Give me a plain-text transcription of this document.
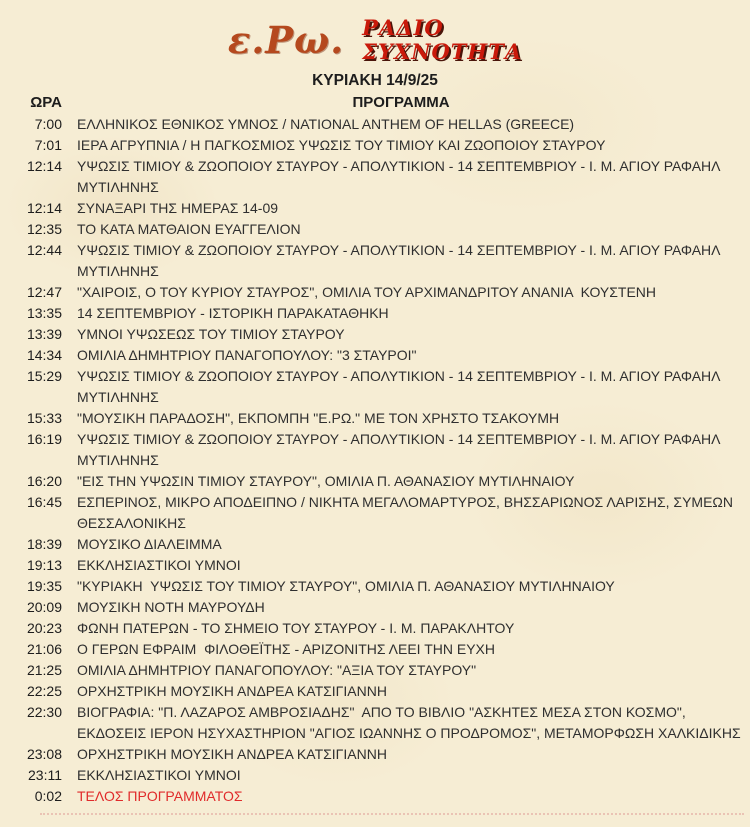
ε.Ρω. ΡΑΔΙΟ
ΣΥΧΝΟΤΗΤΑ
ΚΥΡΙΑΚΗ 14/9/25
ΩΡΑ	ΠΡΟΓΡΑΜΜΑ
7:00 ΕΛΛΗΝΙΚΟΣ ΕΘΝΙΚΟΣ ΥΜΝΟΣ / NATIONAL ANTHEM OF HELLAS (GREECE)
7:01 ΙΕΡΑ ΑΓΡΥΠΝΙΑ / Η ΠΑΓΚΟΣΜΙΟΣ ΥΨΩΣΙΣ ΤΟΥ ΤΙΜΙΟΥ ΚΑΙ ΖΩΟΠΟΙΟΥ ΣΤΑΥΡΟΥ
12:14 ΥΨΩΣΙΣ ΤΙΜΙΟΥ & ΖΩΟΠΟΙΟΥ ΣΤΑΥΡΟΥ - ΑΠΟΛΥΤΙΚΙΟΝ - 14 ΣΕΠΤΕΜΒΡΙΟΥ - Ι. Μ. ΑΓΙΟΥ ΡΑΦΑΗΛ ΜΥΤΙΛΗΝΗΣ
12:14 ΣΥΝΑΞΑΡΙ ΤΗΣ ΗΜΕΡΑΣ 14-09
12:35 ΤΟ ΚΑΤΑ ΜΑΤΘΑΙΟΝ ΕΥΑΓΓΕΛΙΟΝ
12:44 ΥΨΩΣΙΣ ΤΙΜΙΟΥ & ΖΩΟΠΟΙΟΥ ΣΤΑΥΡΟΥ - ΑΠΟΛΥΤΙΚΙΟΝ - 14 ΣΕΠΤΕΜΒΡΙΟΥ - Ι. Μ. ΑΓΙΟΥ ΡΑΦΑΗΛ ΜΥΤΙΛΗΝΗΣ
12:47 "ΧΑΙΡΟΙΣ, Ο ΤΟΥ ΚΥΡΙΟΥ ΣΤΑΥΡΟΣ", ΟΜΙΛΙΑ ΤΟΥ ΑΡΧΙΜΑΝΔΡΙΤΟΥ ΑΝΑΝΙΑ  ΚΟΥΣΤΕΝΗ
13:35 14 ΣΕΠΤΕΜΒΡΙΟΥ - ΙΣΤΟΡΙΚΗ ΠΑΡΑΚΑΤΑΘΗΚΗ
13:39 ΥΜΝΟΙ ΥΨΩΣΕΩΣ ΤΟΥ ΤΙΜΙΟΥ ΣΤΑΥΡΟΥ
14:34 ΟΜΙΛΙΑ ΔΗΜΗΤΡΙΟΥ ΠΑΝΑΓΟΠΟΥΛΟΥ: "3 ΣΤΑΥΡΟΙ"
15:29 ΥΨΩΣΙΣ ΤΙΜΙΟΥ & ΖΩΟΠΟΙΟΥ ΣΤΑΥΡΟΥ - ΑΠΟΛΥΤΙΚΙΟΝ - 14 ΣΕΠΤΕΜΒΡΙΟΥ - Ι. Μ. ΑΓΙΟΥ ΡΑΦΑΗΛ ΜΥΤΙΛΗΝΗΣ
15:33 "ΜΟΥΣΙΚΗ ΠΑΡΑΔΟΣΗ", ΕΚΠΟΜΠΗ "Ε.ΡΩ." ΜΕ ΤΟΝ ΧΡΗΣΤΟ ΤΣΑΚΟΥΜΗ
16:19 ΥΨΩΣΙΣ ΤΙΜΙΟΥ & ΖΩΟΠΟΙΟΥ ΣΤΑΥΡΟΥ - ΑΠΟΛΥΤΙΚΙΟΝ - 14 ΣΕΠΤΕΜΒΡΙΟΥ - Ι. Μ. ΑΓΙΟΥ ΡΑΦΑΗΛ ΜΥΤΙΛΗΝΗΣ
16:20 "ΕΙΣ ΤΗΝ ΥΨΩΣΙΝ ΤΙΜΙΟΥ ΣΤΑΥΡΟΥ", ΟΜΙΛΙΑ Π. ΑΘΑΝΑΣΙΟΥ ΜΥΤΙΛΗΝΑΙΟΥ
16:45 ΕΣΠΕΡΙΝΟΣ, ΜΙΚΡΟ ΑΠΟΔΕΙΠΝΟ / ΝΙΚΗΤΑ ΜΕΓΑΛΟΜΑΡΤΥΡΟΣ, ΒΗΣΣΑΡΙΩΝΟΣ ΛΑΡΙΣΗΣ, ΣΥΜΕΩΝ ΘΕΣΣΑΛΟΝΙΚΗΣ
18:39 ΜΟΥΣΙΚΟ ΔΙΑΛΕΙΜΜΑ
19:13 ΕΚΚΛΗΣΙΑΣΤΙΚΟΙ ΥΜΝΟΙ
19:35 "ΚΥΡΙΑΚΗ  ΥΨΩΣΙΣ ΤΟΥ ΤΙΜΙΟΥ ΣΤΑΥΡΟΥ", ΟΜΙΛΙΑ Π. ΑΘΑΝΑΣΙΟΥ ΜΥΤΙΛΗΝΑΙΟΥ
20:09 ΜΟΥΣΙΚΗ ΝΟΤΗ ΜΑΥΡΟΥΔΗ
20:23 ΦΩΝΗ ΠΑΤΕΡΩΝ - ΤΟ ΣΗΜΕΙΟ ΤΟΥ ΣΤΑΥΡΟΥ - Ι. Μ. ΠΑΡΑΚΛΗΤΟΥ
21:06 Ο ΓΕΡΩΝ ΕΦΡΑΙΜ  ΦΙΛΟΘΕΪΤΗΣ - ΑΡΙΖΟΝΙΤΗΣ ΛΕΕΙ ΤΗΝ ΕΥΧΗ
21:25 ΟΜΙΛΙΑ ΔΗΜΗΤΡΙΟΥ ΠΑΝΑΓΟΠΟΥΛΟΥ: "ΑΞΙΑ ΤΟΥ ΣΤΑΥΡΟΥ"
22:25 ΟΡΧΗΣΤΡΙΚΗ ΜΟΥΣΙΚΗ ΑΝΔΡΕΑ ΚΑΤΣΙΓΙΑΝΝΗ
22:30 ΒΙΟΓΡΑΦΙΑ: "Π. ΛΑΖΑΡΟΣ ΑΜΒΡΟΣΙΑΔΗΣ"  ΑΠΟ ΤΟ ΒΙΒΛΙΟ "ΑΣΚΗΤΕΣ ΜΕΣΑ ΣΤΟΝ ΚΟΣΜΟ", ΕΚΔΟΣΕΙΣ ΙΕΡΟΝ ΗΣΥΧΑΣΤΗΡΙΟΝ "ΑΓΙΟΣ ΙΩΑΝΝΗΣ Ο ΠΡΟΔΡΟΜΟΣ", ΜΕΤΑΜΟΡΦΩΣΗ ΧΑΛΚΙΔΙΚΗΣ
23:08 ΟΡΧΗΣΤΡΙΚΗ ΜΟΥΣΙΚΗ ΑΝΔΡΕΑ ΚΑΤΣΙΓΙΑΝΝΗ
23:11 ΕΚΚΛΗΣΙΑΣΤΙΚΟΙ ΥΜΝΟΙ
0:02 ΤΕΛΟΣ ΠΡΟΓΡΑΜΜΑΤΟΣ
